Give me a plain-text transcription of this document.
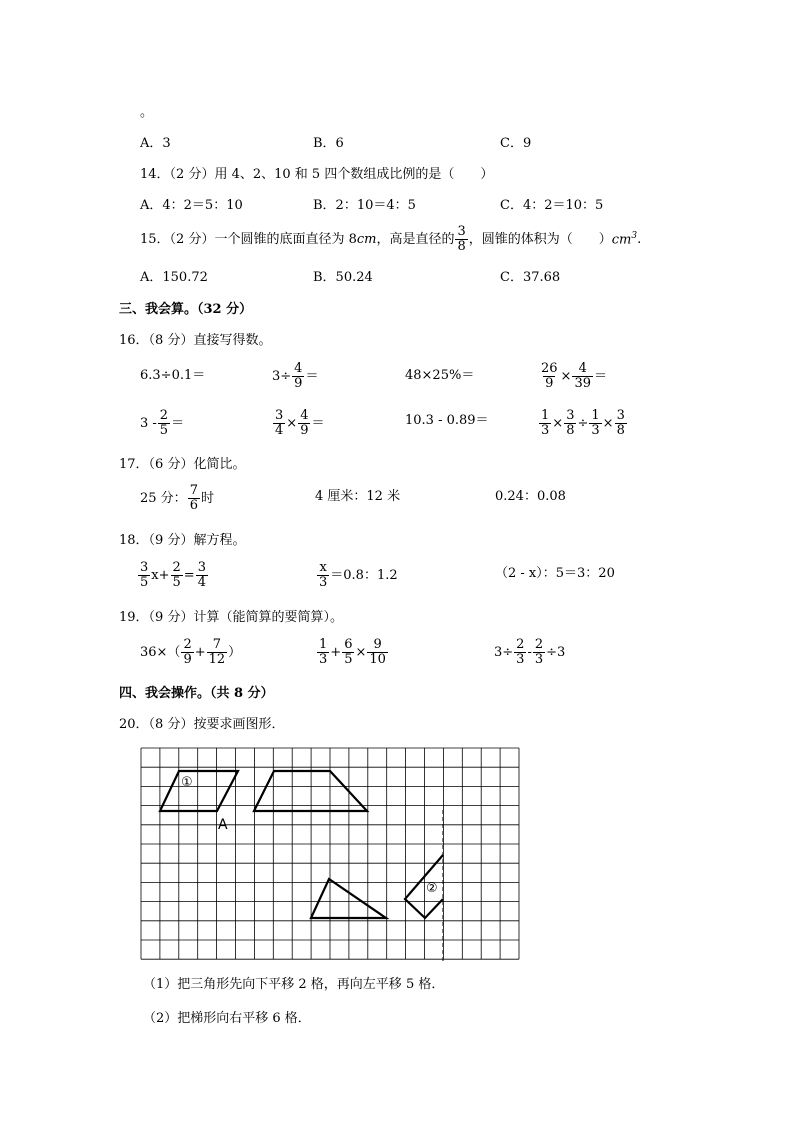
。
A．3	B．6	C．9
14．（2 分）用 4、2、10 和 5 四个数组成比例的是（　　）
A．4：2＝5：10	B．2：10＝4：5	C．4：2＝10：5
15．（2 分）一个圆锥的底面直径为 8 cm ，高是直径的 $\frac{3}{8}$ ，圆锥的体积为（　　） $cm^3$ .
A．150.72	B．50.24	C．37.68
三、我会算。（32 分）
16．（8 分）直接写得数。
6.3÷0.1＝	$3\div \frac{4}{9}$ ＝	48×25%＝	$\frac{26}{9} \times \frac{4}{39}$ ＝
$3 - \frac{2}{5}$ ＝	$\frac{3}{4} \times \frac{4}{9}$ ＝	10.3 - 0.89＝	$\frac{1}{3} \times \frac{3}{8} \div \frac{1}{3} \times \frac{3}{8}$
17．（6 分）化简比。
25 分： $\frac{7}{6}$ 时	4 厘米：12 米	0.24：0.08
18．（9 分）解方程。
$\frac{3}{5} x+ \frac{2}{5} = \frac{3}{4}$	$\frac{x}{3} =0.8$：1.2	（2 - x）：5＝3：20
19．（9 分）计算（能简算的要简算）。
$36\times( \frac{2}{9} + \frac{7}{12}$ ）	$\frac{1}{3} + \frac{6}{5} \times \frac{9}{10}$	$3\div \frac{2}{3} - \frac{2}{3} \div 3$
四、我会操作。（共 8 分）
20．（8 分）按要求画图形．
①
②
A
（1）把三角形先向下平移 2 格，再向左平移 5 格．
（2）把梯形向右平移 6 格．
